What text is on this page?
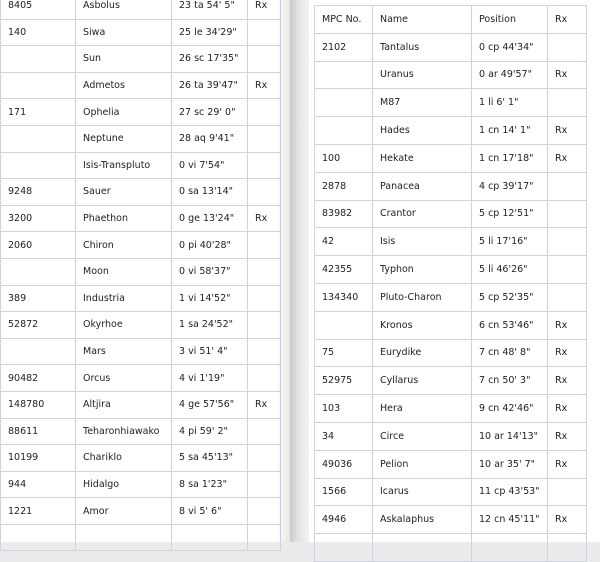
8405	Asbolus	23 ta 54' 5"	Rx
140	Siwa	25 le 34'29"	
	Sun	26 sc 17'35"	
	Admetos	26 ta 39'47"	Rx
171	Ophelia	27 sc 29' 0"	
	Neptune	28 aq 9'41"	
	Isis-Transpluto	0 vi 7'54"	
9248	Sauer	0 sa 13'14"	
3200	Phaethon	0 ge 13'24"	Rx
2060	Chiron	0 pi 40'28"	
	Moon	0 vi 58'37"	
389	Industria	1 vi 14'52"	
52872	Okyrhoe	1 sa 24'52"	
	Mars	3 vi 51' 4"	
90482	Orcus	4 vi 1'19"	
148780	Altjira	4 ge 57'56"	Rx
88611	Teharonhiawako	4 pi 59' 2"	
10199	Chariklo	5 sa 45'13"	
944	Hidalgo	8 sa 1'23"	
1221	Amor	8 vi 5' 6"	

MPC No.	Name	Position	Rx
2102	Tantalus	0 cp 44'34"	
	Uranus	0 ar 49'57"	Rx
	M87	1 li 6' 1"	
	Hades	1 cn 14' 1"	Rx
100	Hekate	1 cn 17'18"	Rx
2878	Panacea	4 cp 39'17"	
83982	Crantor	5 cp 12'51"	
42	Isis	5 li 17'16"	
42355	Typhon	5 li 46'26"	
134340	Pluto-Charon	5 cp 52'35"	
	Kronos	6 cn 53'46"	Rx
75	Eurydike	7 cn 48' 8"	Rx
52975	Cyllarus	7 cn 50' 3"	Rx
103	Hera	9 cn 42'46"	Rx
34	Circe	10 ar 14'13"	Rx
49036	Pelion	10 ar 35' 7"	Rx
1566	Icarus	11 cp 43'53"	
4946	Askalaphus	12 cn 45'11"	Rx
